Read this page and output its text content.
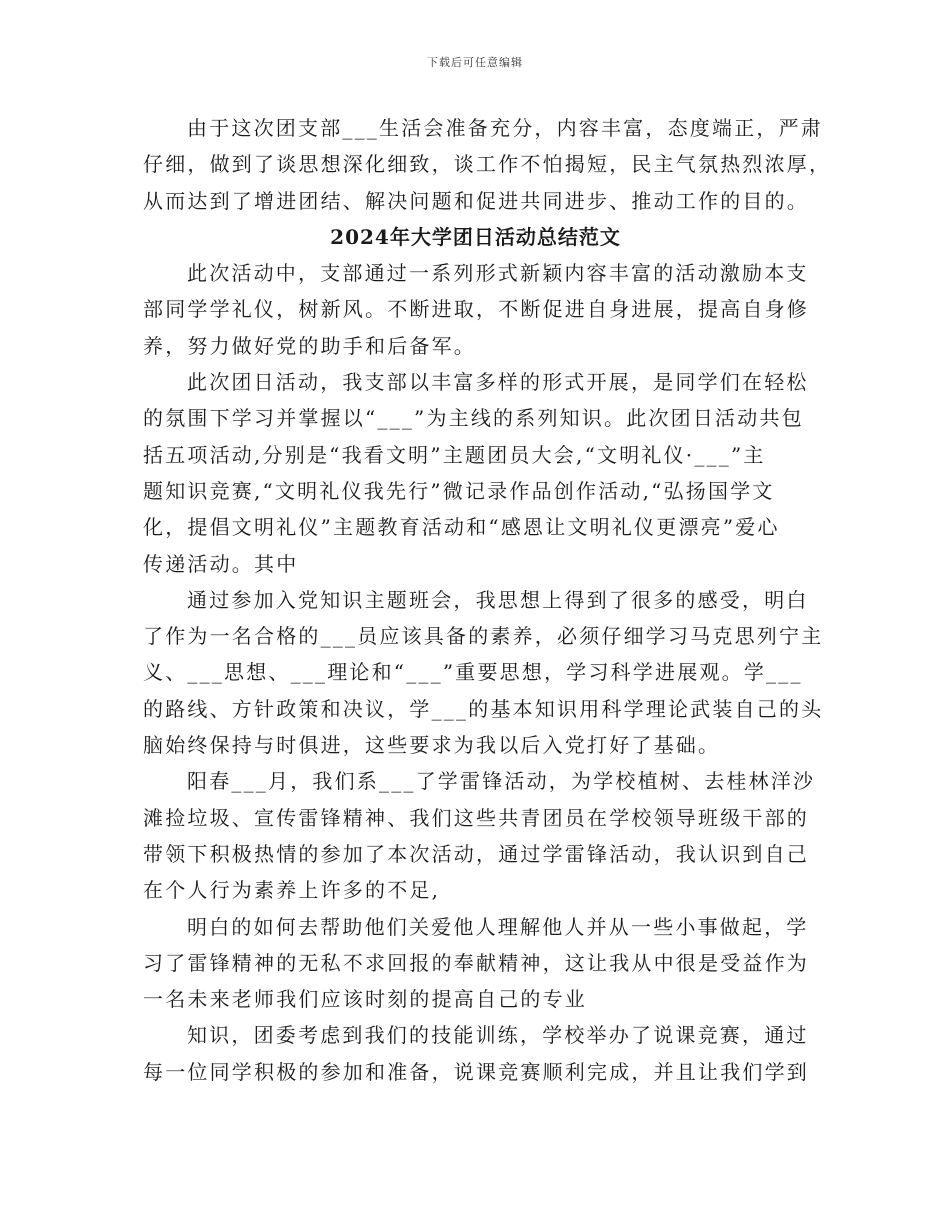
下载后可任意编辑
由于这次团支部___生活会准备充分，内容丰富，态度端正，严肃
仔细，做到了谈思想深化细致，谈工作不怕揭短，民主气氛热烈浓厚，
从而达到了增进团结、解决问题和促进共同进步、推动工作的目的。
2024年大学团日活动总结范文
此次活动中，支部通过一系列形式新颖内容丰富的活动激励本支
部同学学礼仪，树新风。不断进取，不断促进自身进展，提高自身修
养，努力做好党的助手和后备军。
此次团日活动，我支部以丰富多样的形式开展，是同学们在轻松
的氛围下学习并掌握以“___”为主线的系列知识。此次团日活动共包
括五项活动,分别是“我看文明”主题团员大会,“文明礼仪·___”主
题知识竞赛,“文明礼仪我先行”微记录作品创作活动,“弘扬国学文
化，提倡文明礼仪”主题教育活动和“感恩让文明礼仪更漂亮”爱心
传递活动。其中
通过参加入党知识主题班会，我思想上得到了很多的感受，明白
了作为一名合格的___员应该具备的素养，必须仔细学习马克思列宁主
义、___思想、___理论和“___”重要思想，学习科学进展观。学___
的路线、方针政策和决议，学___的基本知识用科学理论武装自己的头
脑始终保持与时俱进，这些要求为我以后入党打好了基础。
阳春___月，我们系___了学雷锋活动，为学校植树、去桂林洋沙
滩捡垃圾、宣传雷锋精神、我们这些共青团员在学校领导班级干部的
带领下积极热情的参加了本次活动，通过学雷锋活动，我认识到自己
在个人行为素养上许多的不足,
明白的如何去帮助他们关爱他人理解他人并从一些小事做起，学
习了雷锋精神的无私不求回报的奉献精神，这让我从中很是受益作为
一名未来老师我们应该时刻的提高自己的专业
知识，团委考虑到我们的技能训练，学校举办了说课竞赛，通过
每一位同学积极的参加和准备，说课竞赛顺利完成，并且让我们学到
